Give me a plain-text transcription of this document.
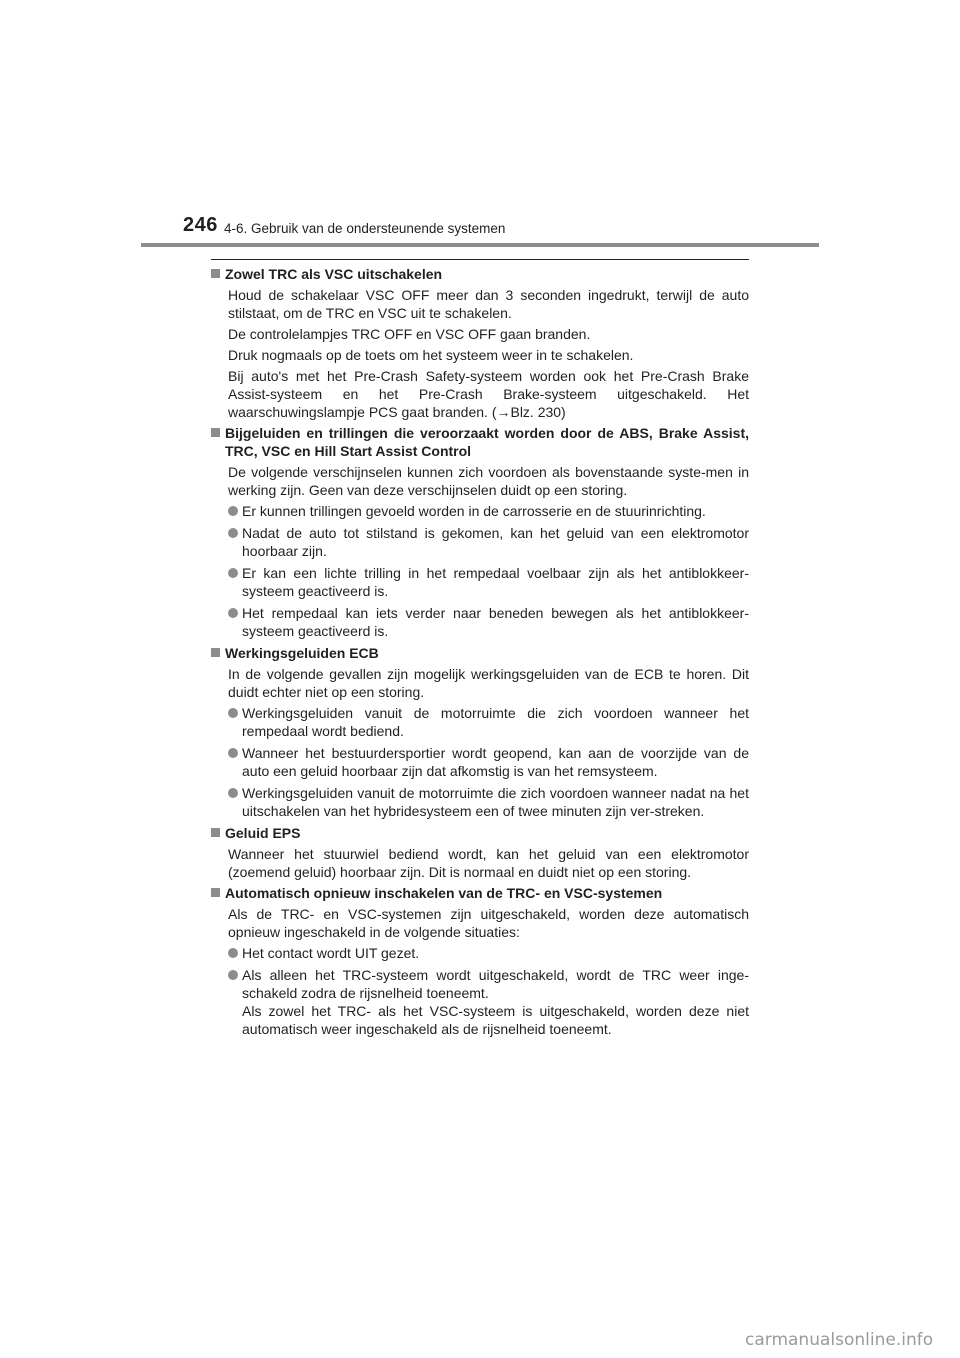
246 4-6. Gebruik van de ondersteunende systemen
Zowel TRC als VSC uitschakelen

Houd de schakelaar VSC OFF meer dan 3 seconden ingedrukt, terwijl de auto stilstaat, om de TRC en VSC uit te schakelen.

De controlelampjes TRC OFF en VSC OFF gaan branden.

Druk nogmaals op de toets om het systeem weer in te schakelen.

Bij auto's met het Pre-Crash Safety-systeem worden ook het Pre-Crash Brake Assist-systeem en het Pre-Crash Brake-systeem uitgeschakeld. Het waarschuwingslampje PCS gaat branden. (→Blz. 230)

Bijgeluiden en trillingen die veroorzaakt worden door de ABS, Brake Assist, TRC, VSC en Hill Start Assist Control

De volgende verschijnselen kunnen zich voordoen als bovenstaande syste-men in werking zijn. Geen van deze verschijnselen duidt op een storing.

Er kunnen trillingen gevoeld worden in de carrosserie en de stuurinrichting.
Nadat de auto tot stilstand is gekomen, kan het geluid van een elektromotor hoorbaar zijn.
Er kan een lichte trilling in het rempedaal voelbaar zijn als het antiblokkeer-systeem geactiveerd is.
Het rempedaal kan iets verder naar beneden bewegen als het antiblokkeer-systeem geactiveerd is.
Werkingsgeluiden ECB

In de volgende gevallen zijn mogelijk werkingsgeluiden van de ECB te horen. Dit duidt echter niet op een storing.

Werkingsgeluiden vanuit de motorruimte die zich voordoen wanneer het rempedaal wordt bediend.
Wanneer het bestuurdersportier wordt geopend, kan aan de voorzijde van de auto een geluid hoorbaar zijn dat afkomstig is van het remsysteem.
Werkingsgeluiden vanuit de motorruimte die zich voordoen wanneer nadat na het uitschakelen van het hybridesysteem een of twee minuten zijn ver-streken.
Geluid EPS

Wanneer het stuurwiel bediend wordt, kan het geluid van een elektromotor (zoemend geluid) hoorbaar zijn. Dit is normaal en duidt niet op een storing.

Automatisch opnieuw inschakelen van de TRC- en VSC-systemen

Als de TRC- en VSC-systemen zijn uitgeschakeld, worden deze automatisch opnieuw ingeschakeld in de volgende situaties:

Het contact wordt UIT gezet.
Als alleen het TRC-systeem wordt uitgeschakeld, wordt de TRC weer inge-schakeld zodra de rijsnelheid toeneemt.
Als zowel het TRC- als het VSC-systeem is uitgeschakeld, worden deze niet automatisch weer ingeschakeld als de rijsnelheid toeneemt.
carmanualsonline.info
